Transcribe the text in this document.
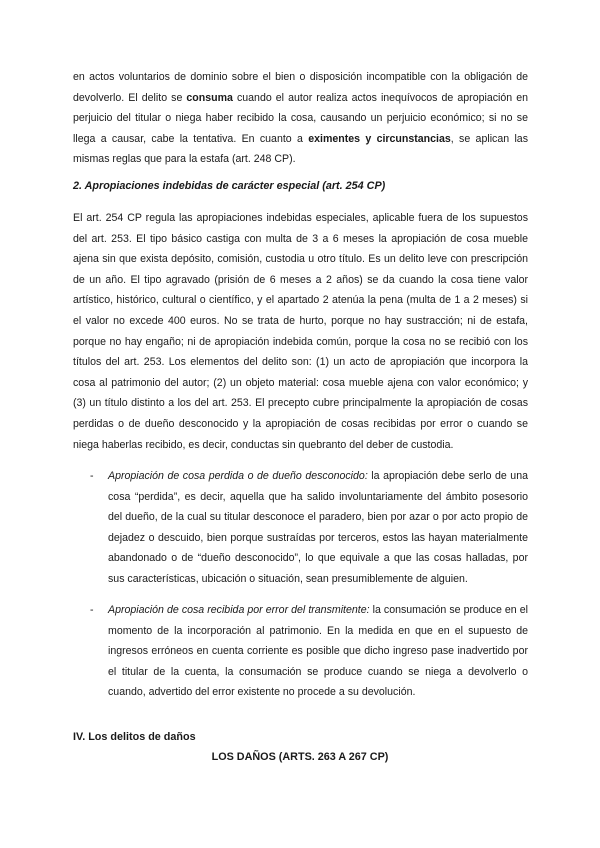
en actos voluntarios de dominio sobre el bien o disposición incompatible con la obligación de devolverlo. El delito se consuma cuando el autor realiza actos inequívocos de apropiación en perjuicio del titular o niega haber recibido la cosa, causando un perjuicio económico; si no se llega a causar, cabe la tentativa. En cuanto a eximentes y circunstancias, se aplican las mismas reglas que para la estafa (art. 248 CP).

2. Apropiaciones indebidas de carácter especial (art. 254 CP)

El art. 254 CP regula las apropiaciones indebidas especiales, aplicable fuera de los supuestos del art. 253. El tipo básico castiga con multa de 3 a 6 meses la apropiación de cosa mueble ajena sin que exista depósito, comisión, custodia u otro título. Es un delito leve con prescripción de un año. El tipo agravado (prisión de 6 meses a 2 años) se da cuando la cosa tiene valor artístico, histórico, cultural o científico, y el apartado 2 atenúa la pena (multa de 1 a 2 meses) si el valor no excede 400 euros. No se trata de hurto, porque no hay sustracción; ni de estafa, porque no hay engaño; ni de apropiación indebida común, porque la cosa no se recibió con los títulos del art. 253. Los elementos del delito son: (1) un acto de apropiación que incorpora la cosa al patrimonio del autor; (2) un objeto material: cosa mueble ajena con valor económico; y (3) un título distinto a los del art. 253. El precepto cubre principalmente la apropiación de cosas perdidas o de dueño desconocido y la apropiación de cosas recibidas por error o cuando se niega haberlas recibido, es decir, conductas sin quebranto del deber de custodia.

- Apropiación de cosa perdida o de dueño desconocido: la apropiación debe serlo de una cosa “perdida”, es decir, aquella que ha salido involuntariamente del ámbito posesorio del dueño, de la cual su titular desconoce el paradero, bien por azar o por acto propio de dejadez o descuido, bien porque sustraídas por terceros, estos las hayan materialmente abandonado o de “dueño desconocido”, lo que equivale a que las cosas halladas, por sus características, ubicación o situación, sean presumiblemente de alguien.
- Apropiación de cosa recibida por error del transmitente: la consumación se produce en el momento de la incorporación al patrimonio. En la medida en que en el supuesto de ingresos erróneos en cuenta corriente es posible que dicho ingreso pase inadvertido por el titular de la cuenta, la consumación se produce cuando se niega a devolverlo o cuando, advertido del error existente no procede a su devolución.
IV. Los delitos de daños
LOS DAÑOS (ARTS. 263 A 267 CP)
